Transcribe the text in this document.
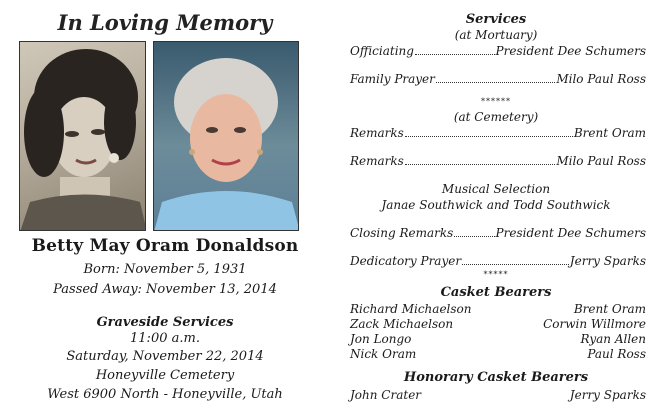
In Loving Memory
Betty May Oram Donaldson
Born: November 5, 1931
Passed Away: November 13, 2014
Graveside Services
11:00 a.m.
Saturday, November 22, 2014
Honeyville Cemetery
West 6900 North - Honeyville, Utah
Services
(at Mortuary)
Officiating	President Dee Schumers
Family Prayer	Milo Paul Ross
******
(at Cemetery)
Remarks	Brent Oram
Remarks	Milo Paul Ross
Musical Selection
Janae Southwick and Todd Southwick
Closing Remarks	President Dee Schumers
Dedicatory Prayer	Jerry Sparks
*****
Casket Bearers
Richard Michaelson	Brent Oram
Zack Michaelson	Corwin Willmore
Jon Longo	Ryan Allen
Nick Oram	Paul Ross
Honorary Casket Bearers
John Crater	Jerry Sparks
